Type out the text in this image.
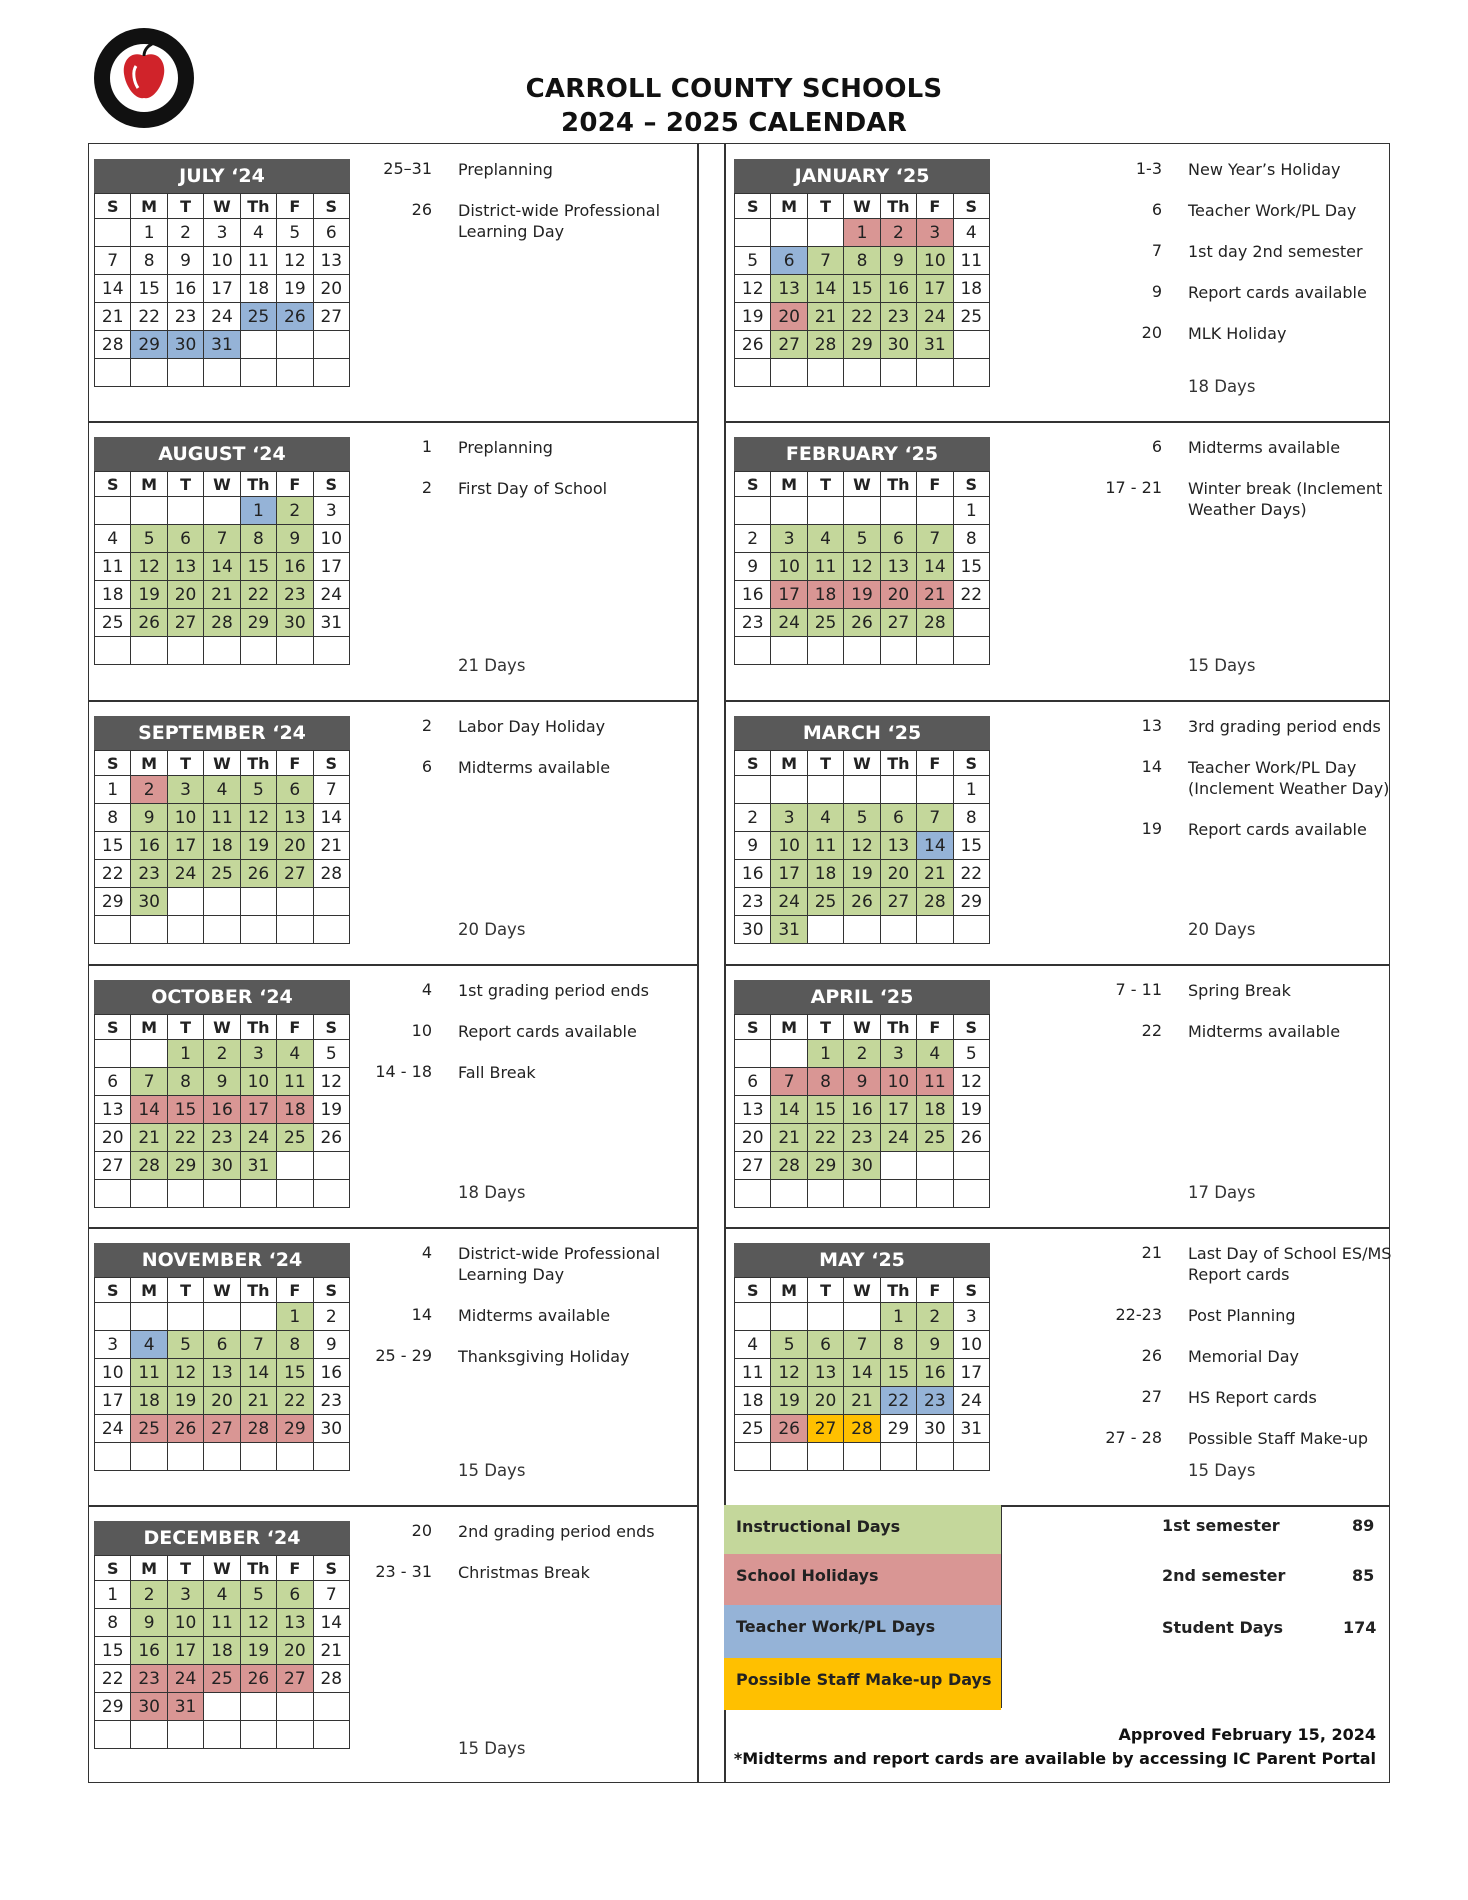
CARROLL COUNTY SCHOOLS
2024 – 2025 CALENDAR
JULY ‘24
S	M	T	W	Th	F	S
	1	2	3	4	5	6
7	8	9	10	11	12	13
14	15	16	17	18	19	20
21	22	23	24	25	26	27
28	29	30	31			

25–31 Preplanning
26 District-wide Professional Learning Day
AUGUST ‘24
S	M	T	W	Th	F	S
				1	2	3
4	5	6	7	8	9	10
11	12	13	14	15	16	17
18	19	20	21	22	23	24
25	26	27	28	29	30	31

1 Preplanning
2 First Day of School
21 Days
SEPTEMBER ‘24
S	M	T	W	Th	F	S
1	2	3	4	5	6	7
8	9	10	11	12	13	14
15	16	17	18	19	20	21
22	23	24	25	26	27	28
29	30					

2 Labor Day Holiday
6 Midterms available
20 Days
OCTOBER ‘24
S	M	T	W	Th	F	S
		1	2	3	4	5
6	7	8	9	10	11	12
13	14	15	16	17	18	19
20	21	22	23	24	25	26
27	28	29	30	31		

4 1st grading period ends
10 Report cards available
14 - 18 Fall Break
18 Days
NOVEMBER ‘24
S	M	T	W	Th	F	S
					1	2
3	4	5	6	7	8	9
10	11	12	13	14	15	16
17	18	19	20	21	22	23
24	25	26	27	28	29	30

4 District-wide Professional Learning Day
14 Midterms available
25 - 29 Thanksgiving Holiday
15 Days
DECEMBER ‘24
S	M	T	W	Th	F	S
1	2	3	4	5	6	7
8	9	10	11	12	13	14
15	16	17	18	19	20	21
22	23	24	25	26	27	28
29	30	31				

20 2nd grading period ends
23 - 31 Christmas Break
15 Days
JANUARY ‘25
S	M	T	W	Th	F	S
			1	2	3	4
5	6	7	8	9	10	11
12	13	14	15	16	17	18
19	20	21	22	23	24	25
26	27	28	29	30	31	

1-3 New Year’s Holiday
6 Teacher Work/PL Day
7 1st day 2nd semester
9 Report cards available
20 MLK Holiday
18 Days
FEBRUARY ‘25
S	M	T	W	Th	F	S
						1
2	3	4	5	6	7	8
9	10	11	12	13	14	15
16	17	18	19	20	21	22
23	24	25	26	27	28	

6 Midterms available
17 - 21 Winter break (Inclement Weather Days)
15 Days
MARCH ‘25
S	M	T	W	Th	F	S
						1
2	3	4	5	6	7	8
9	10	11	12	13	14	15
16	17	18	19	20	21	22
23	24	25	26	27	28	29
30	31					
13 3rd grading period ends
14 Teacher Work/PL Day (Inclement Weather Day)
19 Report cards available
20 Days
APRIL ‘25
S	M	T	W	Th	F	S
		1	2	3	4	5
6	7	8	9	10	11	12
13	14	15	16	17	18	19
20	21	22	23	24	25	26
27	28	29	30			

7 - 11 Spring Break
22 Midterms available
17 Days
MAY ‘25
S	M	T	W	Th	F	S
				1	2	3
4	5	6	7	8	9	10
11	12	13	14	15	16	17
18	19	20	21	22	23	24
25	26	27	28	29	30	31

21 Last Day of School ES/MS Report cards
22-23 Post Planning
26 Memorial Day
27 HS Report cards
27 - 28 Possible Staff Make-up
15 Days
Instructional Days
School Holidays
Teacher Work/PL Days
Possible Staff Make-up Days
1st semester	89
2nd semester	85
Student Days	174
Approved February 15, 2024
*Midterms and report cards are available by accessing IC Parent Portal
